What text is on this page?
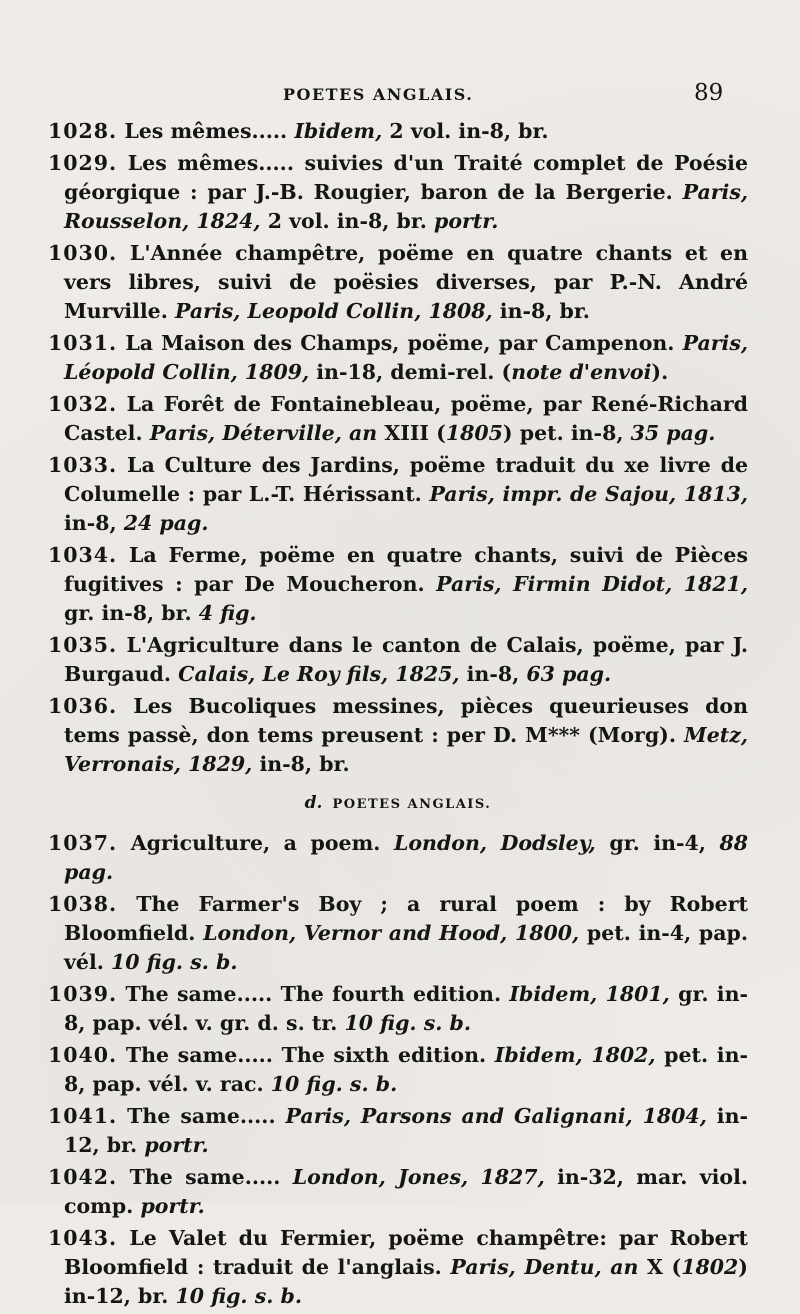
POETES ANGLAIS.	89

1028. Les mêmes..... Ibidem, 2 vol. in-8, br.

1029. Les mêmes..... suivies d'un Traité complet de Poésie géorgique : par J.-B. Rougier, baron de la Bergerie. Paris, Rousselon, 1824, 2 vol. in-8, br. portr.

1030. L'Année champêtre, poëme en quatre chants et en vers libres, suivi de poësies diverses, par P.-N. André Murville. Paris, Leopold Collin, 1808, in-8, br.

1031. La Maison des Champs, poëme, par Campenon. Paris, Léopold Collin, 1809, in-18, demi-rel. (note d'envoi).

1032. La Forêt de Fontainebleau, poëme, par René-Richard Castel. Paris, Déterville, an XIII (1805) pet. in-8, 35 pag.

1033. La Culture des Jardins, poëme traduit du xe livre de Columelle : par L.-T. Hérissant. Paris, impr. de Sajou, 1813, in-8, 24 pag.

1034. La Ferme, poëme en quatre chants, suivi de Pièces fugitives : par De Moucheron. Paris, Firmin Didot, 1821, gr. in-8, br. 4 fig.

1035. L'Agriculture dans le canton de Calais, poëme, par J. Burgaud. Calais, Le Roy fils, 1825, in-8, 63 pag.

1036. Les Bucoliques messines, pièces queurieuses don tems passè, don tems preusent : per D. M*** (Morg). Metz, Verronais, 1829, in-8, br.

d. POETES ANGLAIS.

1037. Agriculture, a poem. London, Dodsley, gr. in-4, 88 pag.

1038. The Farmer's Boy ; a rural poem : by Robert Bloomfield. London, Vernor and Hood, 1800, pet. in-4, pap. vél. 10 fig. s. b.

1039. The same..... The fourth edition. Ibidem, 1801, gr. in-8, pap. vél. v. gr. d. s. tr. 10 fig. s. b.

1040. The same..... The sixth edition. Ibidem, 1802, pet. in-8, pap. vél. v. rac. 10 fig. s. b.

1041. The same..... Paris, Parsons and Galignani, 1804, in-12, br. portr.

1042. The same..... London, Jones, 1827, in-32, mar. viol. comp. portr.

1043. Le Valet du Fermier, poëme champêtre: par Robert Bloomfield : traduit de l'anglais. Paris, Dentu, an X (1802) in-12, br. 10 fig. s. b.
